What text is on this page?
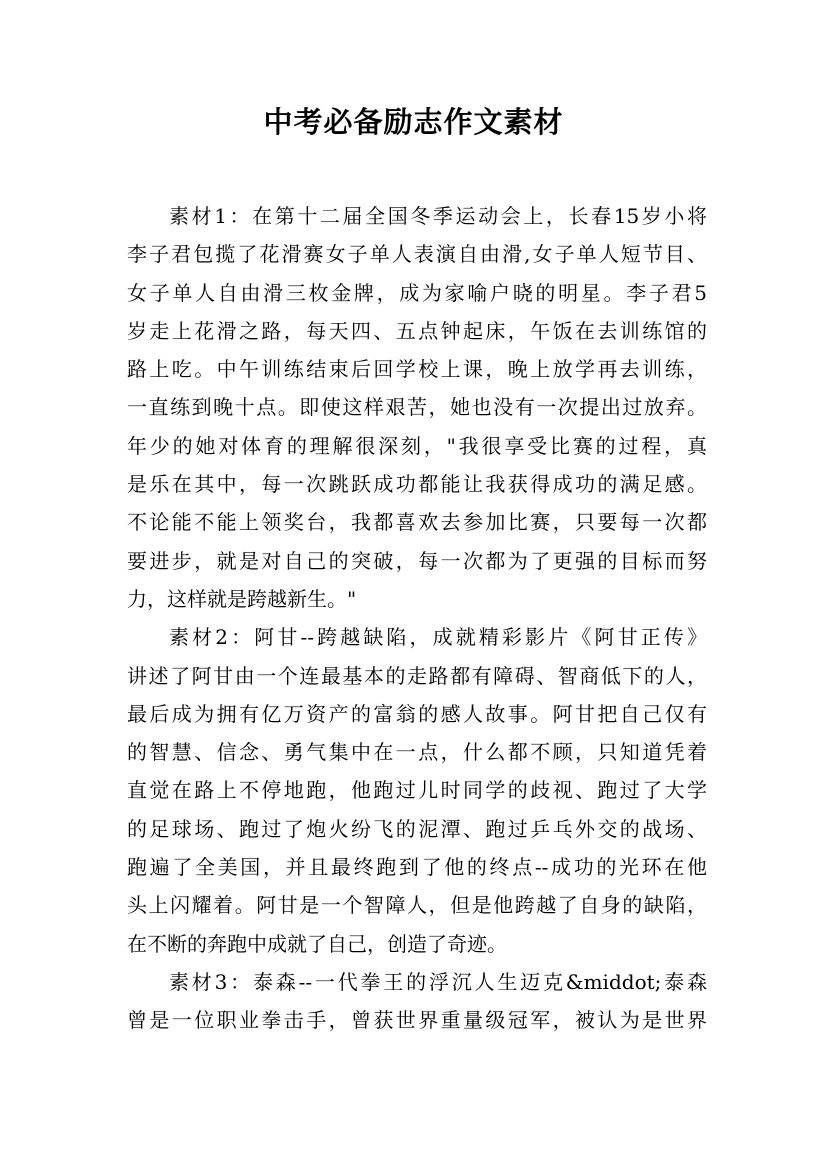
中考必备励志作文素材
素材1：在第十二届全国冬季运动会上，长春15岁小将
李子君包揽了花滑赛女子单人表演自由滑,女子单人短节目、
女子单人自由滑三枚金牌，成为家喻户晓的明星。李子君5
岁走上花滑之路，每天四、五点钟起床，午饭在去训练馆的
路上吃。中午训练结束后回学校上课，晚上放学再去训练，
一直练到晚十点。即使这样艰苦，她也没有一次提出过放弃。
年少的她对体育的理解很深刻，"我很享受比赛的过程，真
是乐在其中，每一次跳跃成功都能让我获得成功的满足感。
不论能不能上领奖台，我都喜欢去参加比赛，只要每一次都
要进步，就是对自己的突破，每一次都为了更强的目标而努
力，这样就是跨越新生。"
素材2：阿甘--跨越缺陷，成就精彩影片《阿甘正传》
讲述了阿甘由一个连最基本的走路都有障碍、智商低下的人，
最后成为拥有亿万资产的富翁的感人故事。阿甘把自己仅有
的智慧、信念、勇气集中在一点，什么都不顾，只知道凭着
直觉在路上不停地跑，他跑过儿时同学的歧视、跑过了大学
的足球场、跑过了炮火纷飞的泥潭、跑过乒乓外交的战场、
跑遍了全美国，并且最终跑到了他的终点--成功的光环在他
头上闪耀着。阿甘是一个智障人，但是他跨越了自身的缺陷，
在不断的奔跑中成就了自己，创造了奇迹。
素材3：泰森--一代拳王的浮沉人生迈克&middot;泰森
曾是一位职业拳击手，曾获世界重量级冠军，被认为是世界
